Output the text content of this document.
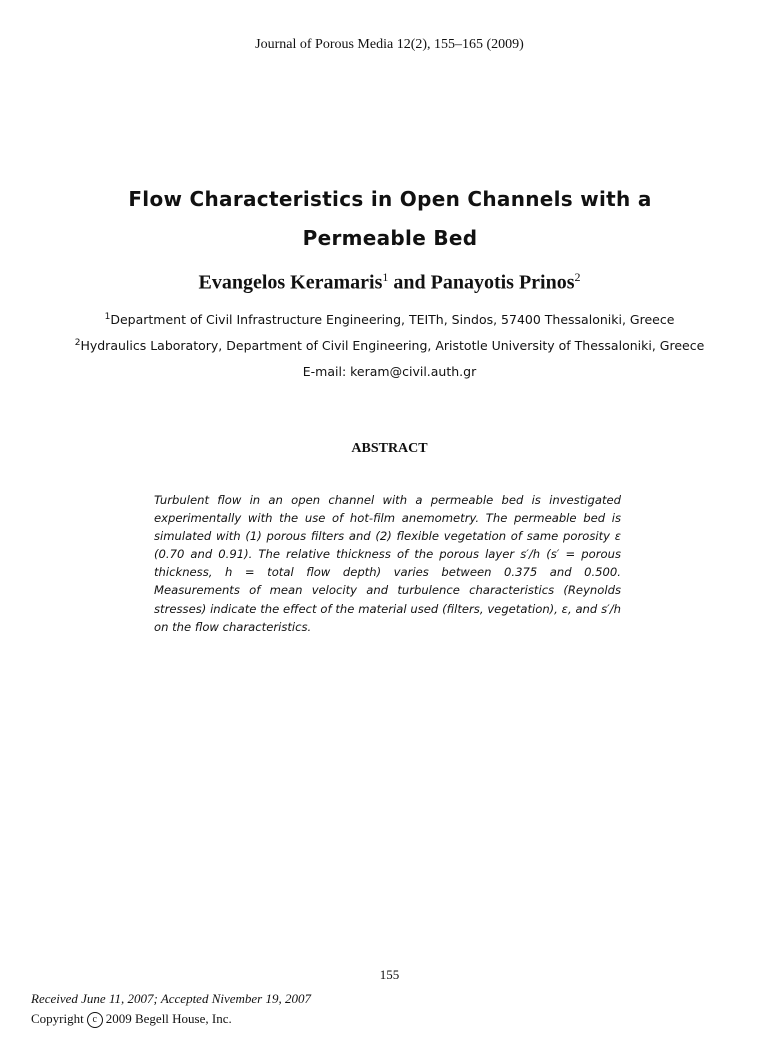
Journal of Porous Media 12(2), 155–165 (2009)
Flow Characteristics in Open Channels with a Permeable Bed
Evangelos Keramaris$^1$ and Panayotis Prinos$^2$
$^1$Department of Civil Infrastructure Engineering, TEITh, Sindos, 57400 Thessaloniki, Greece
$^2$Hydraulics Laboratory, Department of Civil Engineering, Aristotle University of Thessaloniki, Greece
E-mail: keram@civil.auth.gr
ABSTRACT
Turbulent flow in an open channel with a permeable bed is investigated experimentally with the use of hot-film anemometry. The permeable bed is simulated with (1) porous filters and (2) flexible vegetation of same porosity ε (0.70 and 0.91). The relative thickness of the porous layer s′/h (s′ = porous thickness, h = total flow depth) varies between 0.375 and 0.500. Measurements of mean velocity and turbulence characteristics (Reynolds stresses) indicate the effect of the material used (filters, vegetation), ε, and s′/h on the flow characteristics.
155
Received June 11, 2007; Accepted Nivember 19, 2007
Copyright c 2009 Begell House, Inc.
